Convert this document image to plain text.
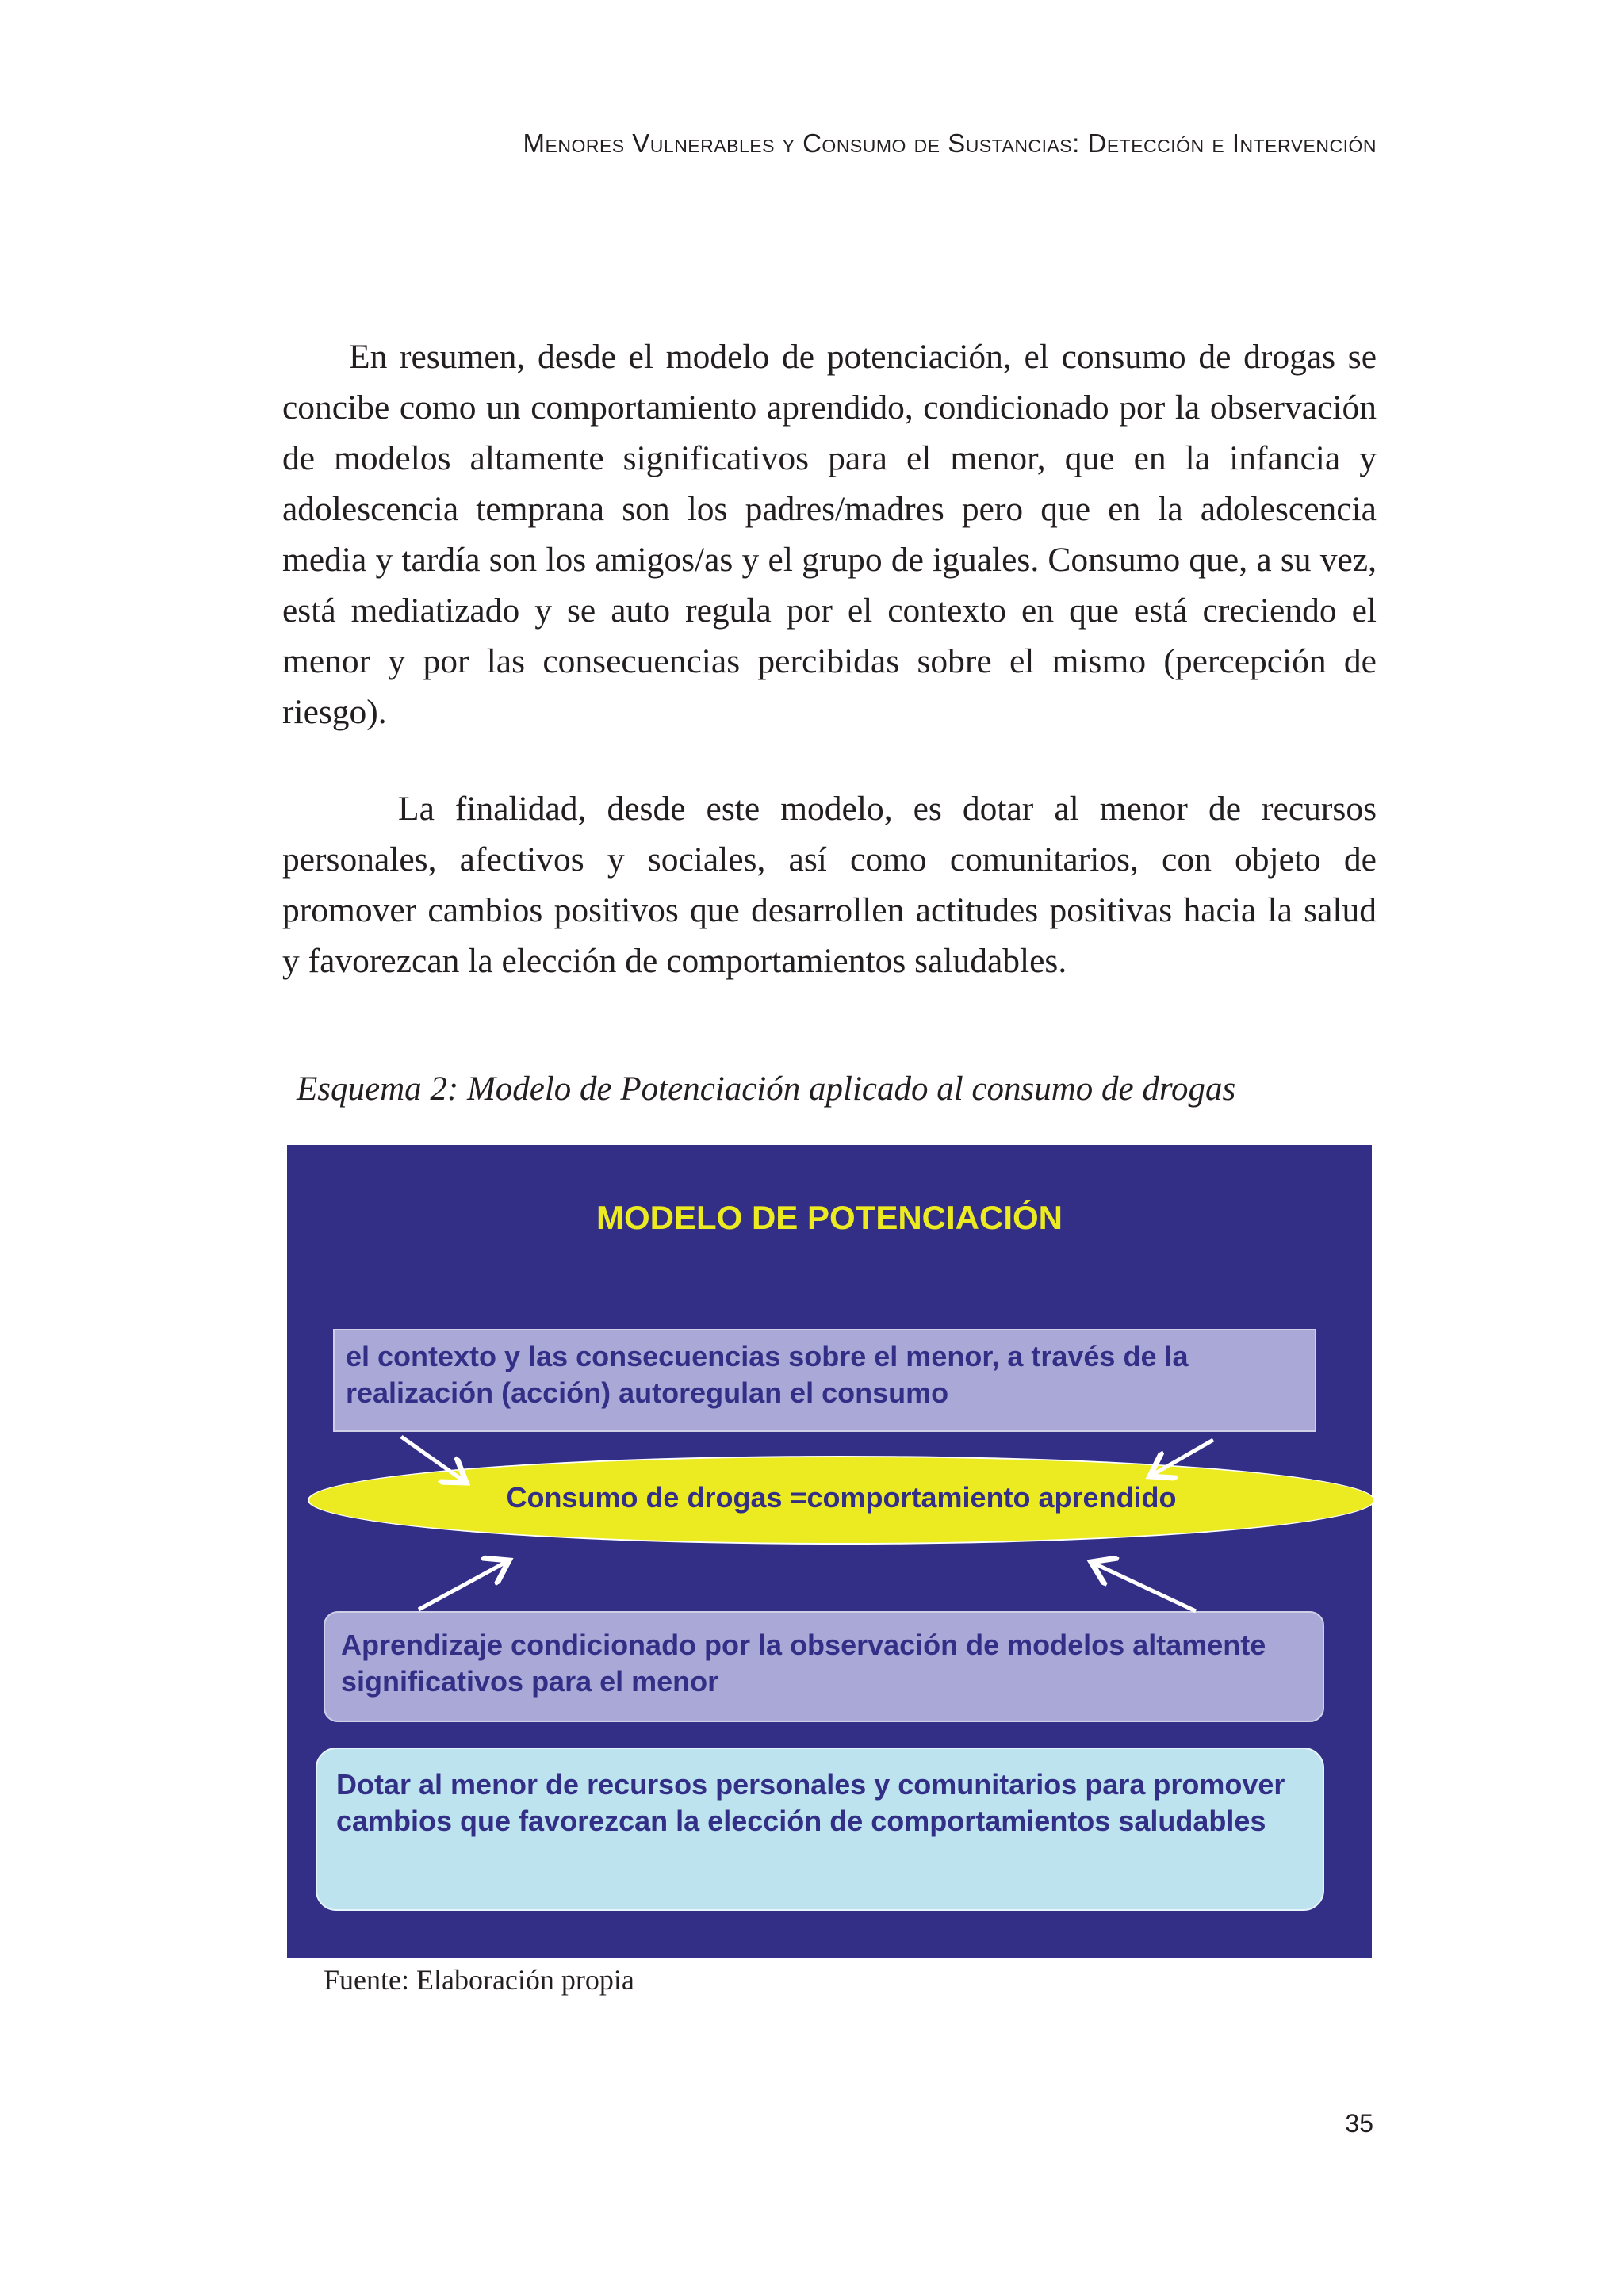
Menores Vulnerables y Consumo de Sustancias: Detección e Intervención

En resumen, desde el modelo de potenciación, el consumo de drogas se concibe como un comportamiento aprendido, condicionado por la observación de modelos altamente significativos para el menor, que en la infancia y adolescencia temprana son los padres/madres pero que en la adolescencia media y tardía son los amigos/as y el grupo de iguales. Consumo que, a su vez, está mediatizado y se auto regula por el contexto en que está creciendo el menor y por las consecuencias percibidas sobre el mismo (percepción de riesgo).

La finalidad, desde este modelo, es dotar al menor de recursos personales, afectivos y sociales, así como comunitarios, con objeto de promover cambios positivos que desarrollen actitudes positivas hacia la salud y favorezcan la elección de comportamientos saludables.

Esquema 2: Modelo de Potenciación aplicado al consumo de drogas
MODELO DE POTENCIACIÓN
el contexto y las consecuencias sobre el menor, a través de la realización (acción) autoregulan el consumo
Consumo de drogas =comportamiento aprendido
Aprendizaje condicionado por la observación de modelos altamente significativos para el menor
Dotar al menor de recursos personales y comunitarios para promover cambios que favorezcan la elección de comportamientos saludables
Fuente: Elaboración propia
35
